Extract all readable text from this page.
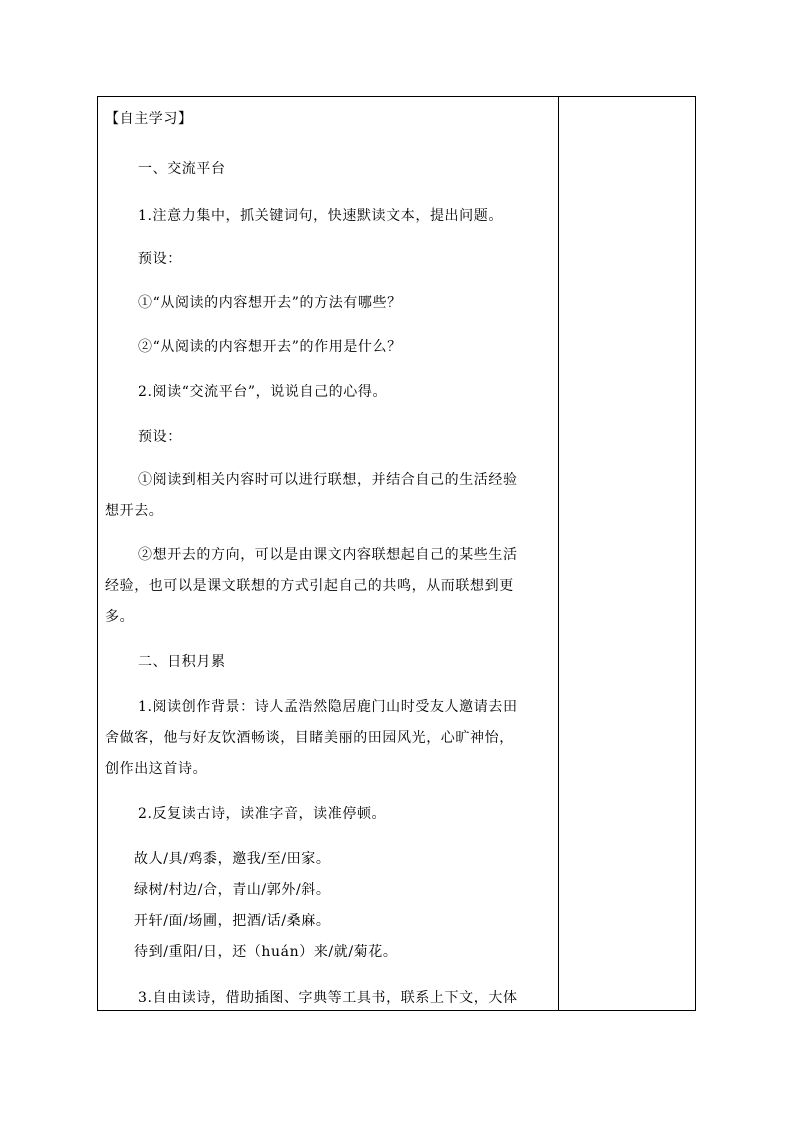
【自主学习】
一、交流平台
1.注意力集中，抓关键词句，快速默读文本，提出问题。
预设：
①“从阅读的内容想开去”的方法有哪些？
②“从阅读的内容想开去”的作用是什么？
2.阅读“交流平台”，说说自己的心得。
预设：
①阅读到相关内容时可以进行联想，并结合自己的生活经验
想开去。
②想开去的方向，可以是由课文内容联想起自己的某些生活
经验，也可以是课文联想的方式引起自己的共鸣，从而联想到更
多。
二、日积月累
1.阅读创作背景：诗人孟浩然隐居鹿门山时受友人邀请去田
舍做客，他与好友饮酒畅谈，目睹美丽的田园风光，心旷神怡，
创作出这首诗。
2.反复读古诗，读准字音，读准停顿。
故人/具/鸡黍，邀我/至/田家。
绿树/村边/合，青山/郭外/斜。
开轩/面/场圃，把酒/话/桑麻。
待到/重阳/日，还（huán）来/就/菊花。
3.自由读诗，借助插图、字典等工具书，联系上下文，大体
